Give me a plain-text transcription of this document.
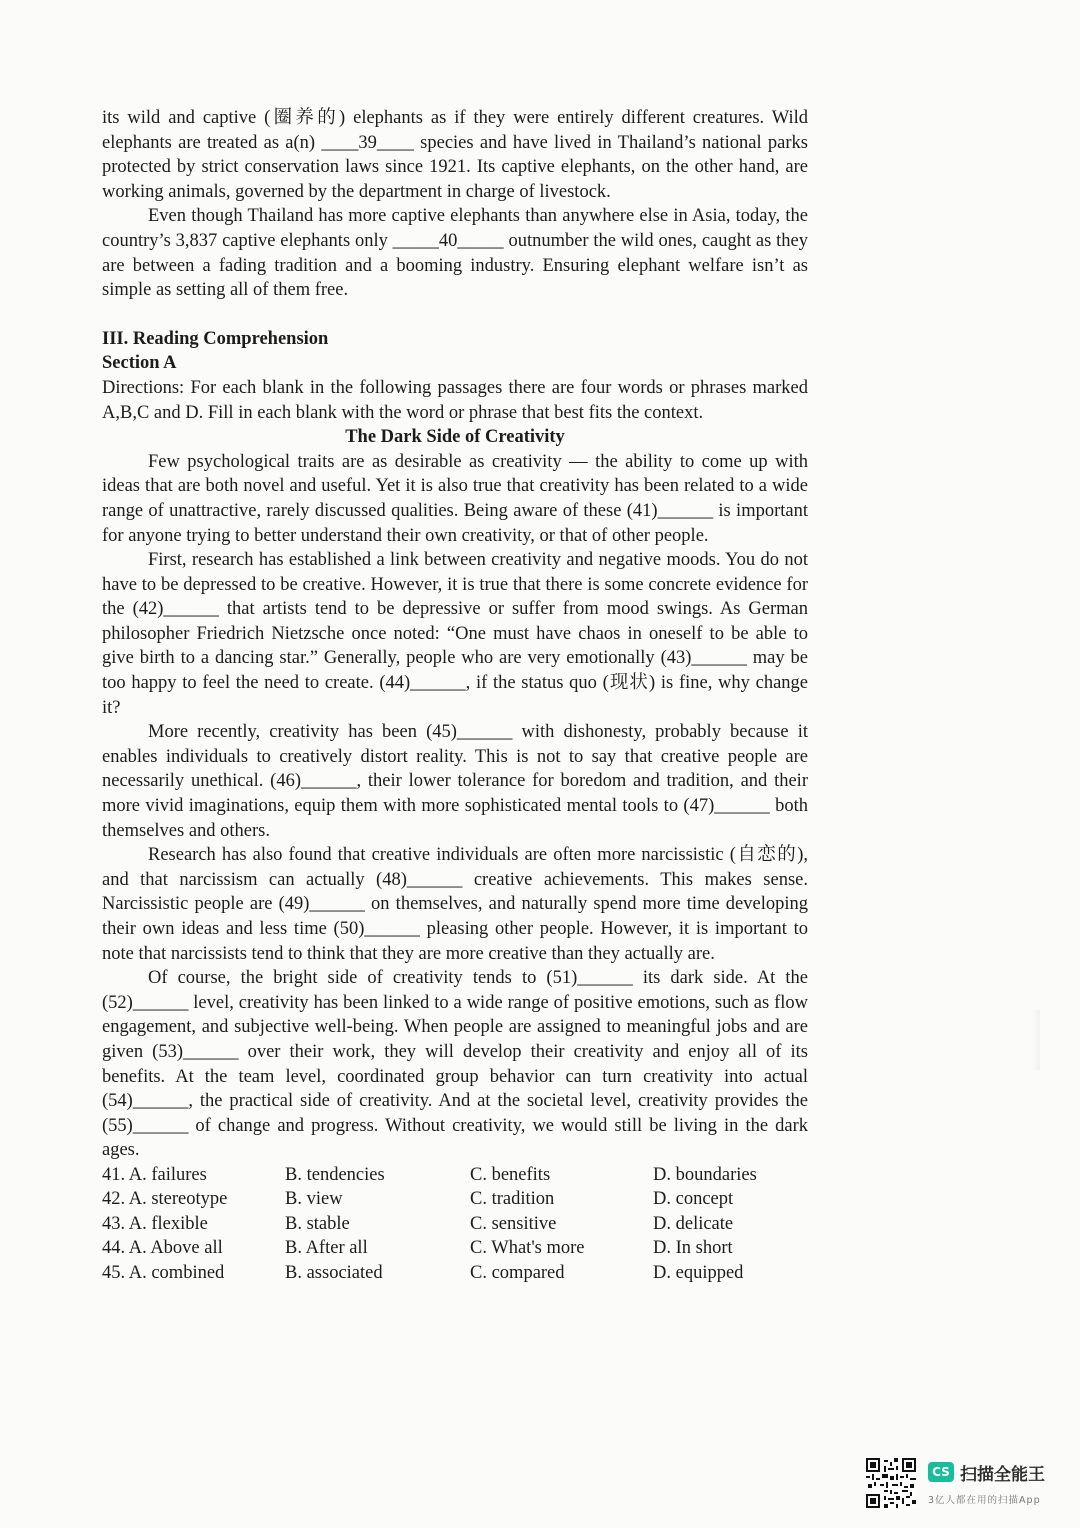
its wild and captive (圈养的) elephants as if they were entirely different creatures. Wild elephants are treated as a(n) ____39____ species and have lived in Thailand’s national parks protected by strict conservation laws since 1921. Its captive elephants, on the other hand, are working animals, governed by the department in charge of livestock.

Even though Thailand has more captive elephants than anywhere else in Asia, today, the country’s 3,837 captive elephants only _____40_____ outnumber the wild ones, caught as they are between a fading tradition and a booming industry. Ensuring elephant welfare isn’t as simple as setting all of them free.

III. Reading Comprehension

Section A

Directions: For each blank in the following passages there are four words or phrases marked A,B,C and D. Fill in each blank with the word or phrase that best fits the context.

The Dark Side of Creativity

Few psychological traits are as desirable as creativity — the ability to come up with ideas that are both novel and useful. Yet it is also true that creativity has been related to a wide range of unattractive, rarely discussed qualities. Being aware of these (41)______ is important for anyone trying to better understand their own creativity, or that of other people.

First, research has established a link between creativity and negative moods. You do not have to be depressed to be creative. However, it is true that there is some concrete evidence for the (42)______ that artists tend to be depressive or suffer from mood swings. As German philosopher Friedrich Nietzsche once noted: “One must have chaos in oneself to be able to give birth to a dancing star.” Generally, people who are very emotionally (43)______ may be too happy to feel the need to create. (44)______, if the status quo (现状) is fine, why change it?

More recently, creativity has been (45)______ with dishonesty, probably because it enables individuals to creatively distort reality. This is not to say that creative people are necessarily unethical. (46)______, their lower tolerance for boredom and tradition, and their more vivid imaginations, equip them with more sophisticated mental tools to (47)______ both themselves and others.

Research has also found that creative individuals are often more narcissistic (自恋的), and that narcissism can actually (48)______ creative achievements. This makes sense. Narcissistic people are (49)______ on themselves, and naturally spend more time developing their own ideas and less time (50)______ pleasing other people. However, it is important to note that narcissists tend to think that they are more creative than they actually are.

Of course, the bright side of creativity tends to (51)______ its dark side. At the (52)______ level, creativity has been linked to a wide range of positive emotions, such as flow engagement, and subjective well-being. When people are assigned to meaningful jobs and are given (53)______ over their work, they will develop their creativity and enjoy all of its benefits. At the team level, coordinated group behavior can turn creativity into actual (54)______, the practical side of creativity. And at the societal level, creativity provides the (55)______ of change and progress. Without creativity, we would still be living in the dark ages.

41. A. failures	B. tendencies	C. benefits	D. boundaries
42. A. stereotype	B. view	C. tradition	D. concept
43. A. flexible	B. stable	C. sensitive	D. delicate
44. A. Above all	B. After all	C. What's more	D. In short
45. A. combined	B. associated	C. compared	D. equipped
CS 扫描全能王
3亿人都在用的扫描App
